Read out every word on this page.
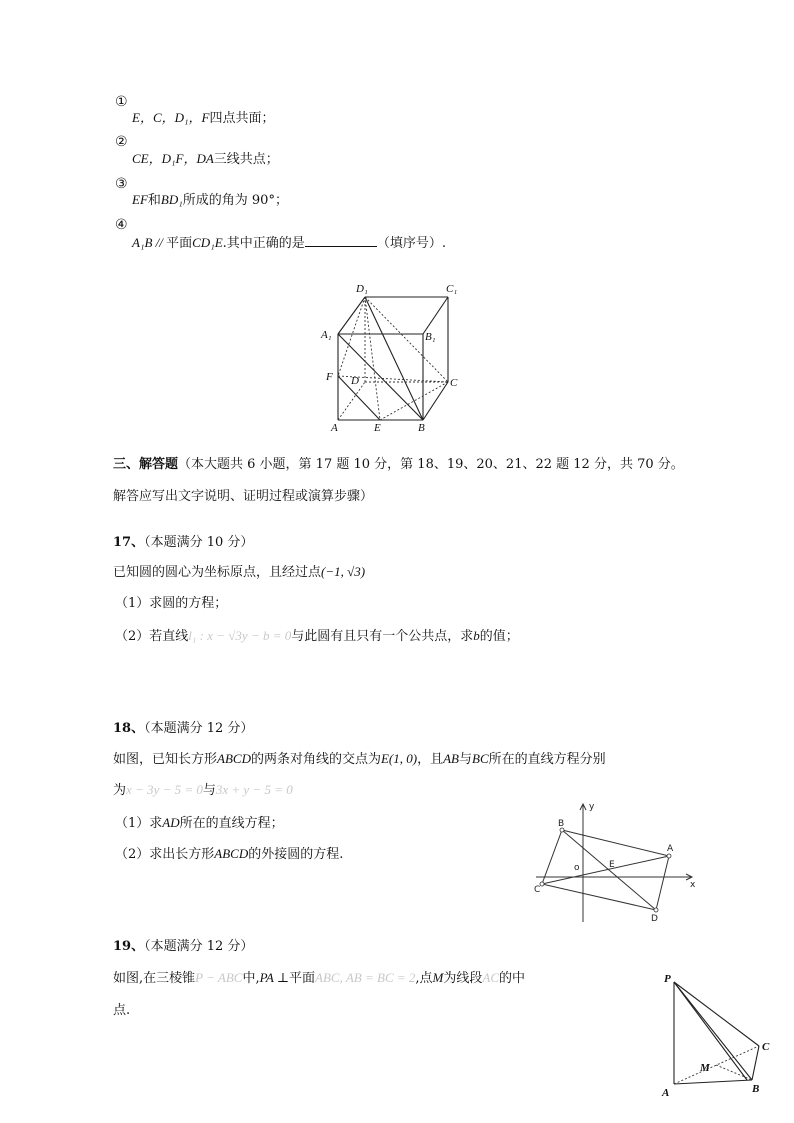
①
E，C，D₁，F四点共面；
②
CE，D₁F，DA三线共点；
③
EF和BD₁所成的角为 90°；
④
A₁B // 平面CD₁E.其中正确的是	（填序号）.
D₁	C₁
A₁	B₁
F D	C
A	E	B
三、解答题（本大题共 6 小题，第 17 题 10 分，第 18、19、20、21、22 题 12 分，共 70 分。
解答应写出文字说明、证明过程或演算步骤）
17、（本题满分 10 分）
已知圆的圆心为坐标原点，且经过点(−1, √3)
（1）求圆的方程；
（2）若直线l₁ : x − √3y − b = 0与此圆有且只有一个公共点，求b的值；
18、（本题满分 12 分）
如图，已知长方形ABCD的两条对角线的交点为E(1, 0)，且AB与BC所在的直线方程分别
为x − 3y − 5 = 0与3x + y − 5 = 0
（1）求AD所在的直线方程；
（2）求出长方形ABCD的外接圆的方程.
y
x
o
A
B
C
D
E
19、（本题满分 12 分）
如图,在三棱锥P − ABC中,PA ⊥平面ABC, AB = BC = 2,点M为线段AC的中
点.
P
C
M
A	B
